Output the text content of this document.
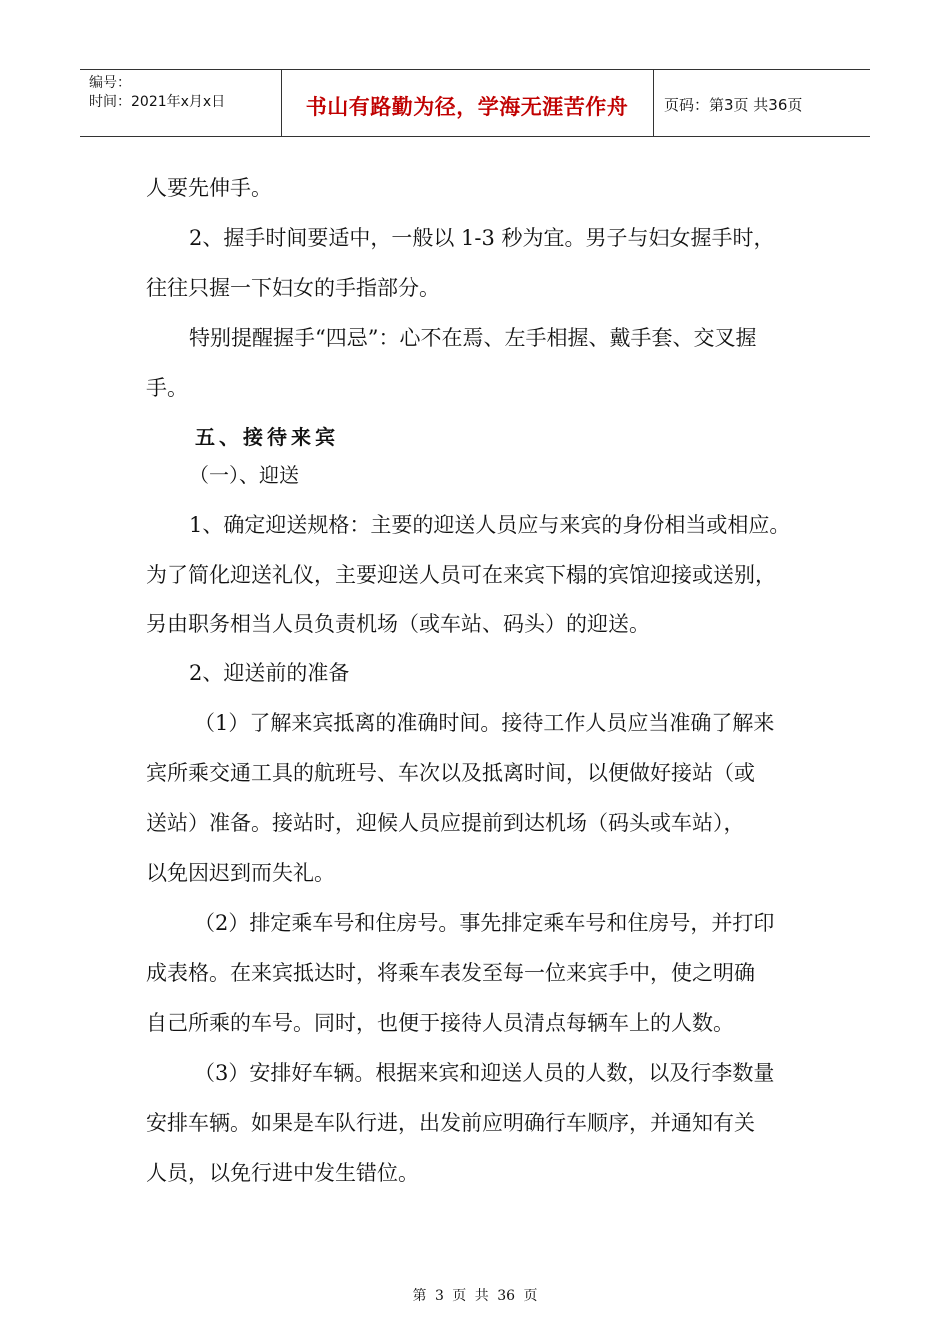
编号：
时间：2021年x月x日	书山有路勤为径，学海无涯苦作舟	页码：第3页 共36页
人要先伸手。
2、握手时间要适中，一般以 1-3 秒为宜。男子与妇女握手时，
往往只握一下妇女的手指部分。
特别提醒握手“四忌”：心不在焉、左手相握、戴手套、交叉握
手。
五、接待来宾
（一）、迎送
1、确定迎送规格：主要的迎送人员应与来宾的身份相当或相应。
为了简化迎送礼仪，主要迎送人员可在来宾下榻的宾馆迎接或送别，
另由职务相当人员负责机场（或车站、码头）的迎送。
2、迎送前的准备
（1）了解来宾抵离的准确时间。接待工作人员应当准确了解来
宾所乘交通工具的航班号、车次以及抵离时间，以便做好接站（或
送站）准备。接站时，迎候人员应提前到达机场（码头或车站），
以免因迟到而失礼。
（2）排定乘车号和住房号。事先排定乘车号和住房号，并打印
成表格。在来宾抵达时，将乘车表发至每一位来宾手中，使之明确
自己所乘的车号。同时，也便于接待人员清点每辆车上的人数。
（3）安排好车辆。根据来宾和迎送人员的人数，以及行李数量
安排车辆。如果是车队行进，出发前应明确行车顺序，并通知有关
人员，以免行进中发生错位。
第 3 页 共 36 页
